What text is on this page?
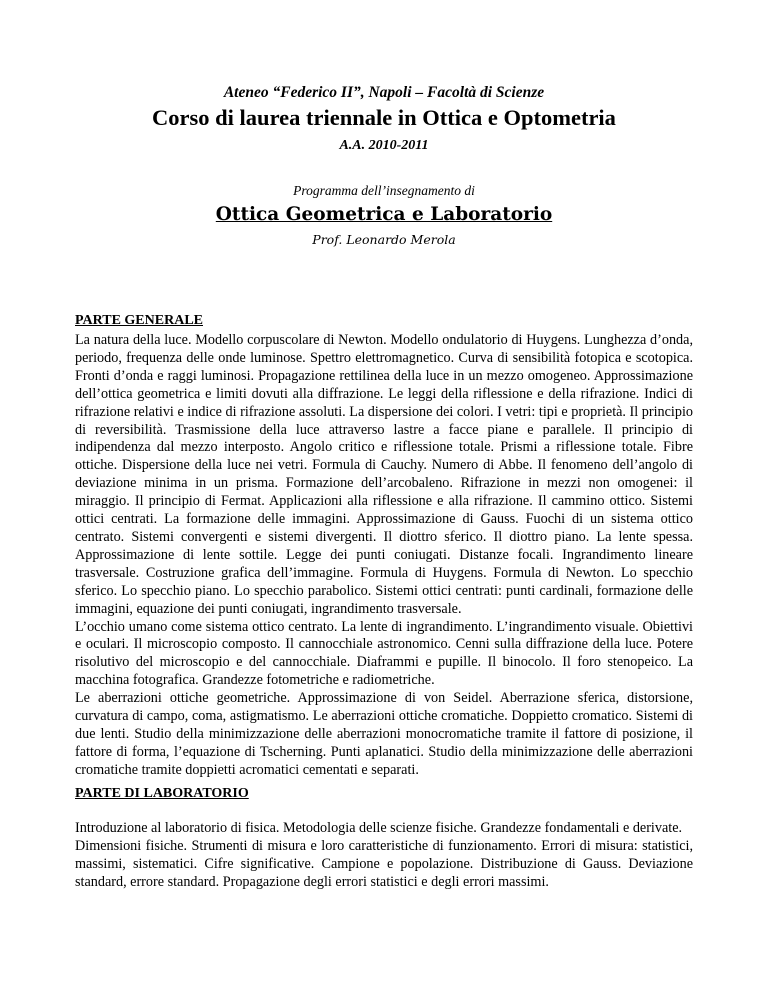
Ateneo “Federico II”, Napoli – Facoltà di Scienze
Corso di laurea triennale in Ottica e Optometria
A.A. 2010-2011
Programma dell’insegnamento di
Ottica Geometrica e Laboratorio
Prof. Leonardo Merola
PARTE GENERALE

La natura della luce. Modello corpuscolare di Newton. Modello ondulatorio di Huygens. Lunghezza d’onda, periodo, frequenza delle onde luminose. Spettro elettromagnetico. Curva di sensibilità fotopica e scotopica. Fronti d’onda e raggi luminosi. Propagazione rettilinea della luce in un mezzo omogeneo. Approssimazione dell’ottica geometrica e limiti dovuti alla diffrazione. Le leggi della riflessione e della rifrazione. Indici di rifrazione relativi e indice di rifrazione assoluti. La dispersione dei colori. I vetri: tipi e proprietà. Il principio di reversibilità. Trasmissione della luce attraverso lastre a facce piane e parallele. Il principio di indipendenza dal mezzo interposto. Angolo critico e riflessione totale. Prismi a riflessione totale. Fibre ottiche. Dispersione della luce nei vetri. Formula di Cauchy. Numero di Abbe. Il fenomeno dell’angolo di deviazione minima in un prisma. Formazione dell’arcobaleno. Rifrazione in mezzi non omogenei: il miraggio. Il principio di Fermat. Applicazioni alla riflessione e alla rifrazione. Il cammino ottico. Sistemi ottici centrati. La formazione delle immagini. Approssimazione di Gauss. Fuochi di un sistema ottico centrato. Sistemi convergenti e sistemi divergenti. Il diottro sferico. Il diottro piano. La lente spessa. Approssimazione di lente sottile. Legge dei punti coniugati. Distanze focali. Ingrandimento lineare trasversale. Costruzione grafica dell’immagine. Formula di Huygens. Formula di Newton. Lo specchio sferico. Lo specchio piano. Lo specchio parabolico. Sistemi ottici centrati: punti cardinali, formazione delle immagini, equazione dei punti coniugati, ingrandimento trasversale.

L’occhio umano come sistema ottico centrato. La lente di ingrandimento. L’ingrandimento visuale. Obiettivi e oculari. Il microscopio composto. Il cannocchiale astronomico. Cenni sulla diffrazione della luce. Potere risolutivo del microscopio e del cannocchiale. Diaframmi e pupille. Il binocolo. Il foro stenopeico. La macchina fotografica. Grandezze fotometriche e radiometriche.

Le aberrazioni ottiche geometriche. Approssimazione di von Seidel. Aberrazione sferica, distorsione, curvatura di campo, coma, astigmatismo. Le aberrazioni ottiche cromatiche. Doppietto cromatico. Sistemi di due lenti. Studio della minimizzazione delle aberrazioni monocromatiche tramite il fattore di posizione, il fattore di forma, l’equazione di Tscherning. Punti aplanatici. Studio della minimizzazione delle aberrazioni cromatiche tramite doppietti acromatici cementati e separati.

PARTE DI LABORATORIO

Introduzione al laboratorio di fisica. Metodologia delle scienze fisiche. Grandezze fondamentali e derivate.

Dimensioni fisiche. Strumenti di misura e loro caratteristiche di funzionamento. Errori di misura: statistici, massimi, sistematici. Cifre significative. Campione e popolazione. Distribuzione di Gauss. Deviazione standard, errore standard. Propagazione degli errori statistici e degli errori massimi.
